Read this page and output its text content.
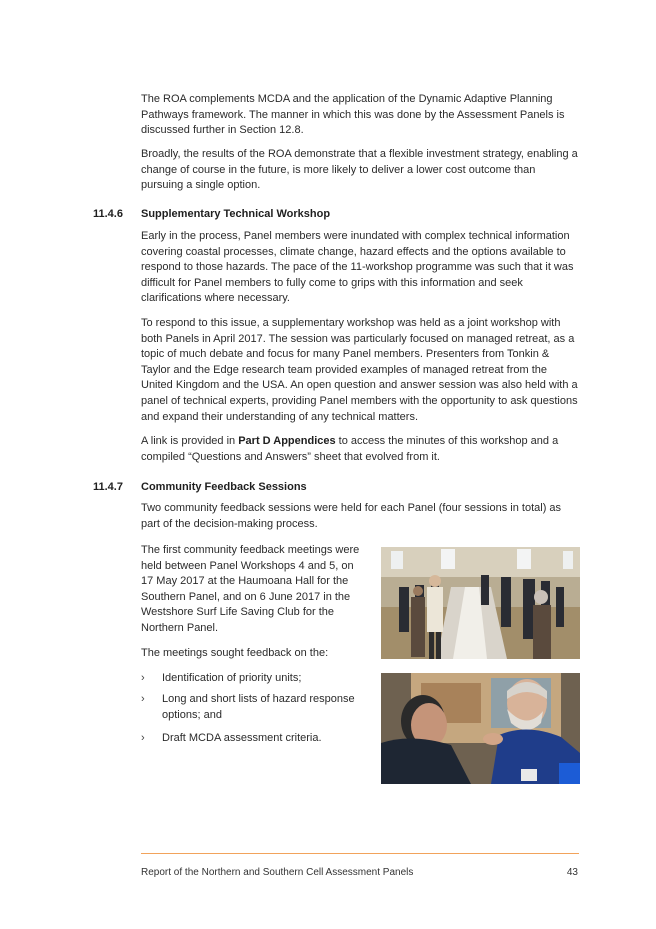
The ROA complements MCDA and the application of the Dynamic Adaptive Planning Pathways framework. The manner in which this was done by the Assessment Panels is discussed further in Section 12.8.

Broadly, the results of the ROA demonstrate that a flexible investment strategy, enabling a change of course in the future, is more likely to deliver a lower cost outcome than pursuing a single option.

11.4.6 Supplementary Technical Workshop

Early in the process, Panel members were inundated with complex technical information covering coastal processes, climate change, hazard effects and the options available to respond to those hazards. The pace of the 11-workshop programme was such that it was difficult for Panel members to fully come to grips with this information and seek clarifications where necessary.

To respond to this issue, a supplementary workshop was held as a joint workshop with both Panels in April 2017. The session was particularly focused on managed retreat, as a topic of much debate and focus for many Panel members. Presenters from Tonkin & Taylor and the Edge research team provided examples of managed retreat from the United Kingdom and the USA. An open question and answer session was also held with a panel of technical experts, providing Panel members with the opportunity to ask questions and expand their understanding of any technical matters.

A link is provided in Part D Appendices to access the minutes of this workshop and a compiled “Questions and Answers” sheet that evolved from it.

11.4.7 Community Feedback Sessions

Two community feedback sessions were held for each Panel (four sessions in total) as part of the decision-making process.

The first community feedback meetings were held between Panel Workshops 4 and 5, on 17 May 2017 at the Haumoana Hall for the Southern Panel, and on 6 June 2017 in the Westshore Surf Life Saving Club for the Northern Panel.

The meetings sought feedback on the:

›	Identification of priority units;
›	Long and short lists of hazard response options; and
›	Draft MCDA assessment criteria.
Report of the Northern and Southern Cell Assessment Panels	43
